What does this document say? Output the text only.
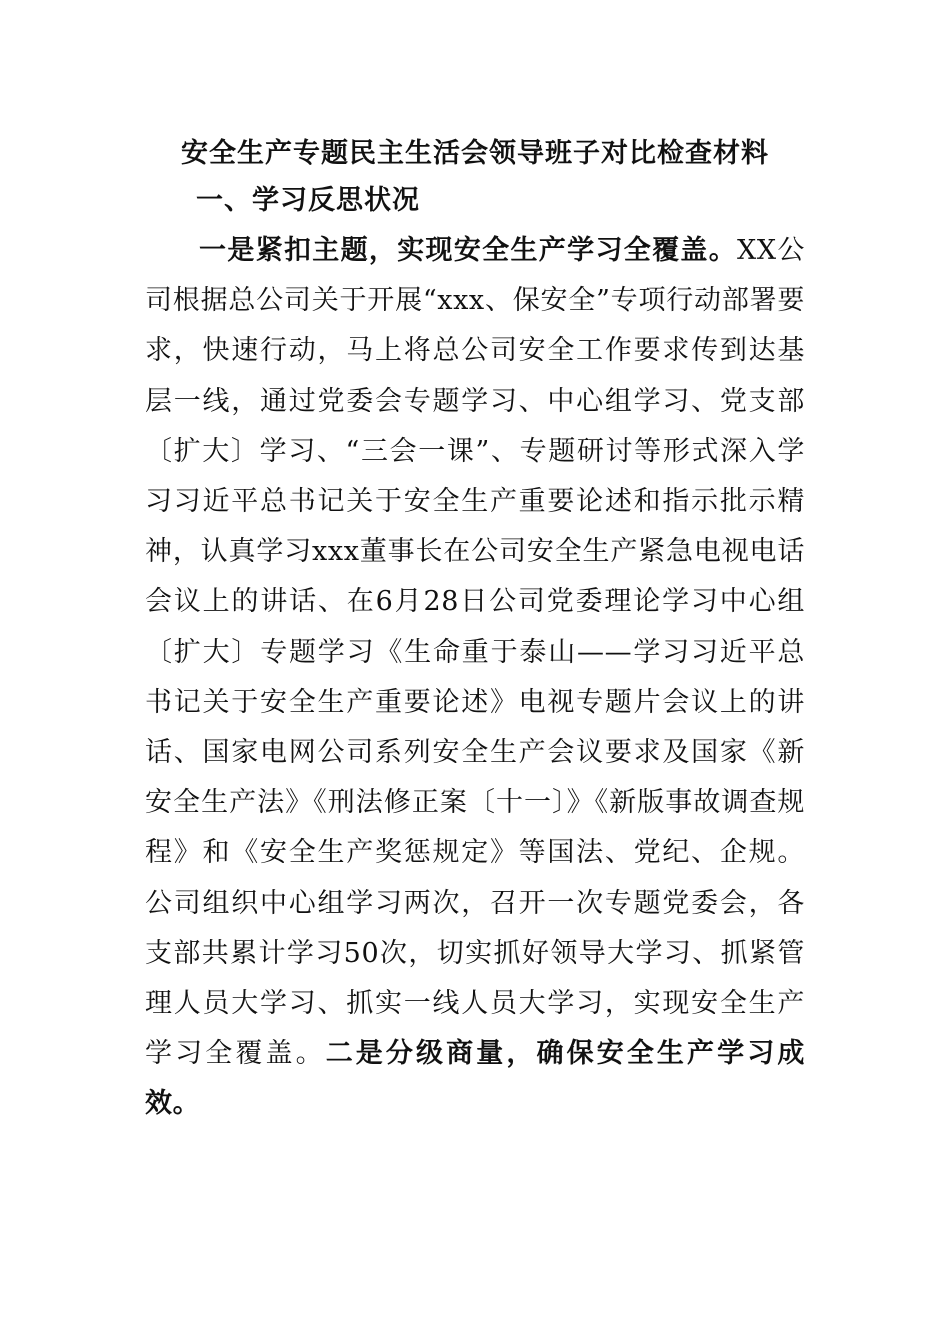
安全生产专题民主生活会领导班子对比检查材料
一、学习反思状况

一是紧扣主题，实现安全生产学习全覆盖。XX公司根据总公司关于开展“xxx、保安全”专项行动部署要求，快速行动，马上将总公司安全工作要求传到达基层一线，通过党委会专题学习、中心组学习、党支部〔扩大〕学习、“三会一课”、专题研讨等形式深入学习习近平总书记关于安全生产重要论述和指示批示精神，认真学习xxx董事长在公司安全生产紧急电视电话会议上的讲话、在6月28日公司党委理论学习中心组〔扩大〕专题学习《生命重于泰山——学习习近平总书记关于安全生产重要论述》电视专题片会议上的讲话、国家电网公司系列安全生产会议要求及国家《新安全生产法》《刑法修正案〔十一〕》《新版事故调查规程》和《安全生产奖惩规定》等国法、党纪、企规。公司组织中心组学习两次，召开一次专题党委会，各支部共累计学习50次，切实抓好领导大学习、抓紧管理人员大学习、抓实一线人员大学习，实现安全生产学习全覆盖。二是分级商量，确保安全生产学习成效。
